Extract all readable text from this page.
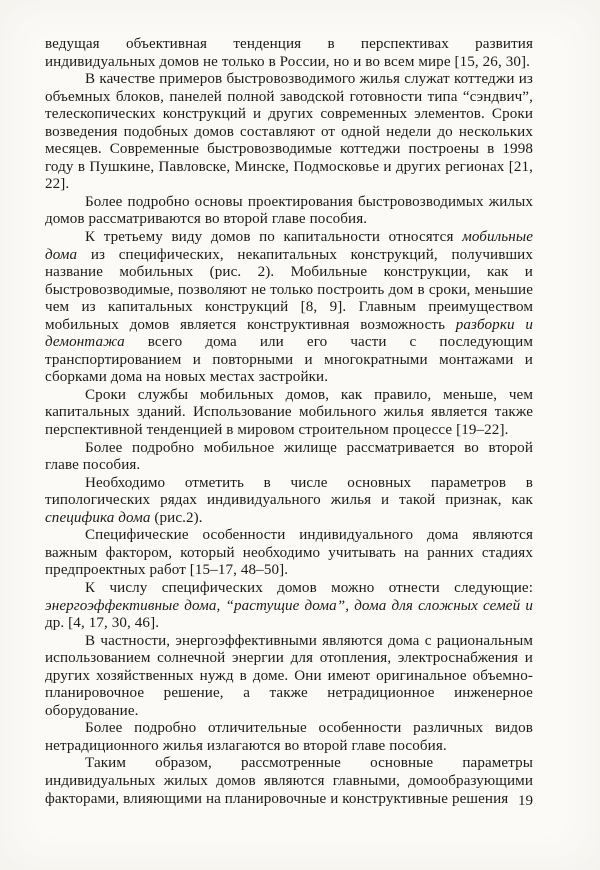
ведущая объективная тенденция в перспективах развития индивидуальных домов не только в России, но и во всем мире [15, 26, 30].

В качестве примеров быстровозводимого жилья служат коттеджи из объемных блоков, панелей полной заводской готовности типа “сэндвич”, телескопических конструкций и других современных элементов. Сроки возведения подобных домов составляют от одной недели до нескольких месяцев. Современные быстровозводимые коттеджи построены в 1998 году в Пушкине, Павловске, Минске, Подмосковье и других регионах [21, 22].

Более подробно основы проектирования быстровозводимых жилых домов рассматриваются во второй главе пособия.

К третьему виду домов по капитальности относятся мобильные дома из специфических, некапитальных конструкций, получивших название мобильных (рис. 2). Мобильные конструкции, как и быстровозводимые, позволяют не только построить дом в сроки, меньшие чем из капитальных конструкций [8, 9]. Главным преимуществом мобильных домов является конструктивная возможность разборки и демонтажа всего дома или его части с последующим транспортированием и повторными и многократными монтажами и сборками дома на новых местах застройки.

Сроки службы мобильных домов, как правило, меньше, чем капитальных зданий. Использование мобильного жилья является также перспективной тенденцией в мировом строительном процессе [19–22].

Более подробно мобильное жилище рассматривается во второй главе пособия.

Необходимо отметить в числе основных параметров в типологических рядах индивидуального жилья и такой признак, как специфика дома (рис.2).

Специфические особенности индивидуального дома являются важным фактором, который необходимо учитывать на ранних стадиях предпроектных работ [15–17, 48–50].

К числу специфических домов можно отнести следующие: энергоэффективные дома, “растущие дома”, дома для сложных семей и др. [4, 17, 30, 46].

В частности, энергоэффективными являются дома с рациональным использованием солнечной энергии для отопления, электроснабжения и других хозяйственных нужд в доме. Они имеют оригинальное объемно-планировочное решение, а также нетрадиционное инженерное оборудование.

Более подробно отличительные особенности различных видов нетрадиционного жилья излагаются во второй главе пособия.

Таким образом, рассмотренные основные параметры индивидуальных жилых домов являются главными, домообразующими факторами, влияющими на планировочные и конструктивные решения 19
